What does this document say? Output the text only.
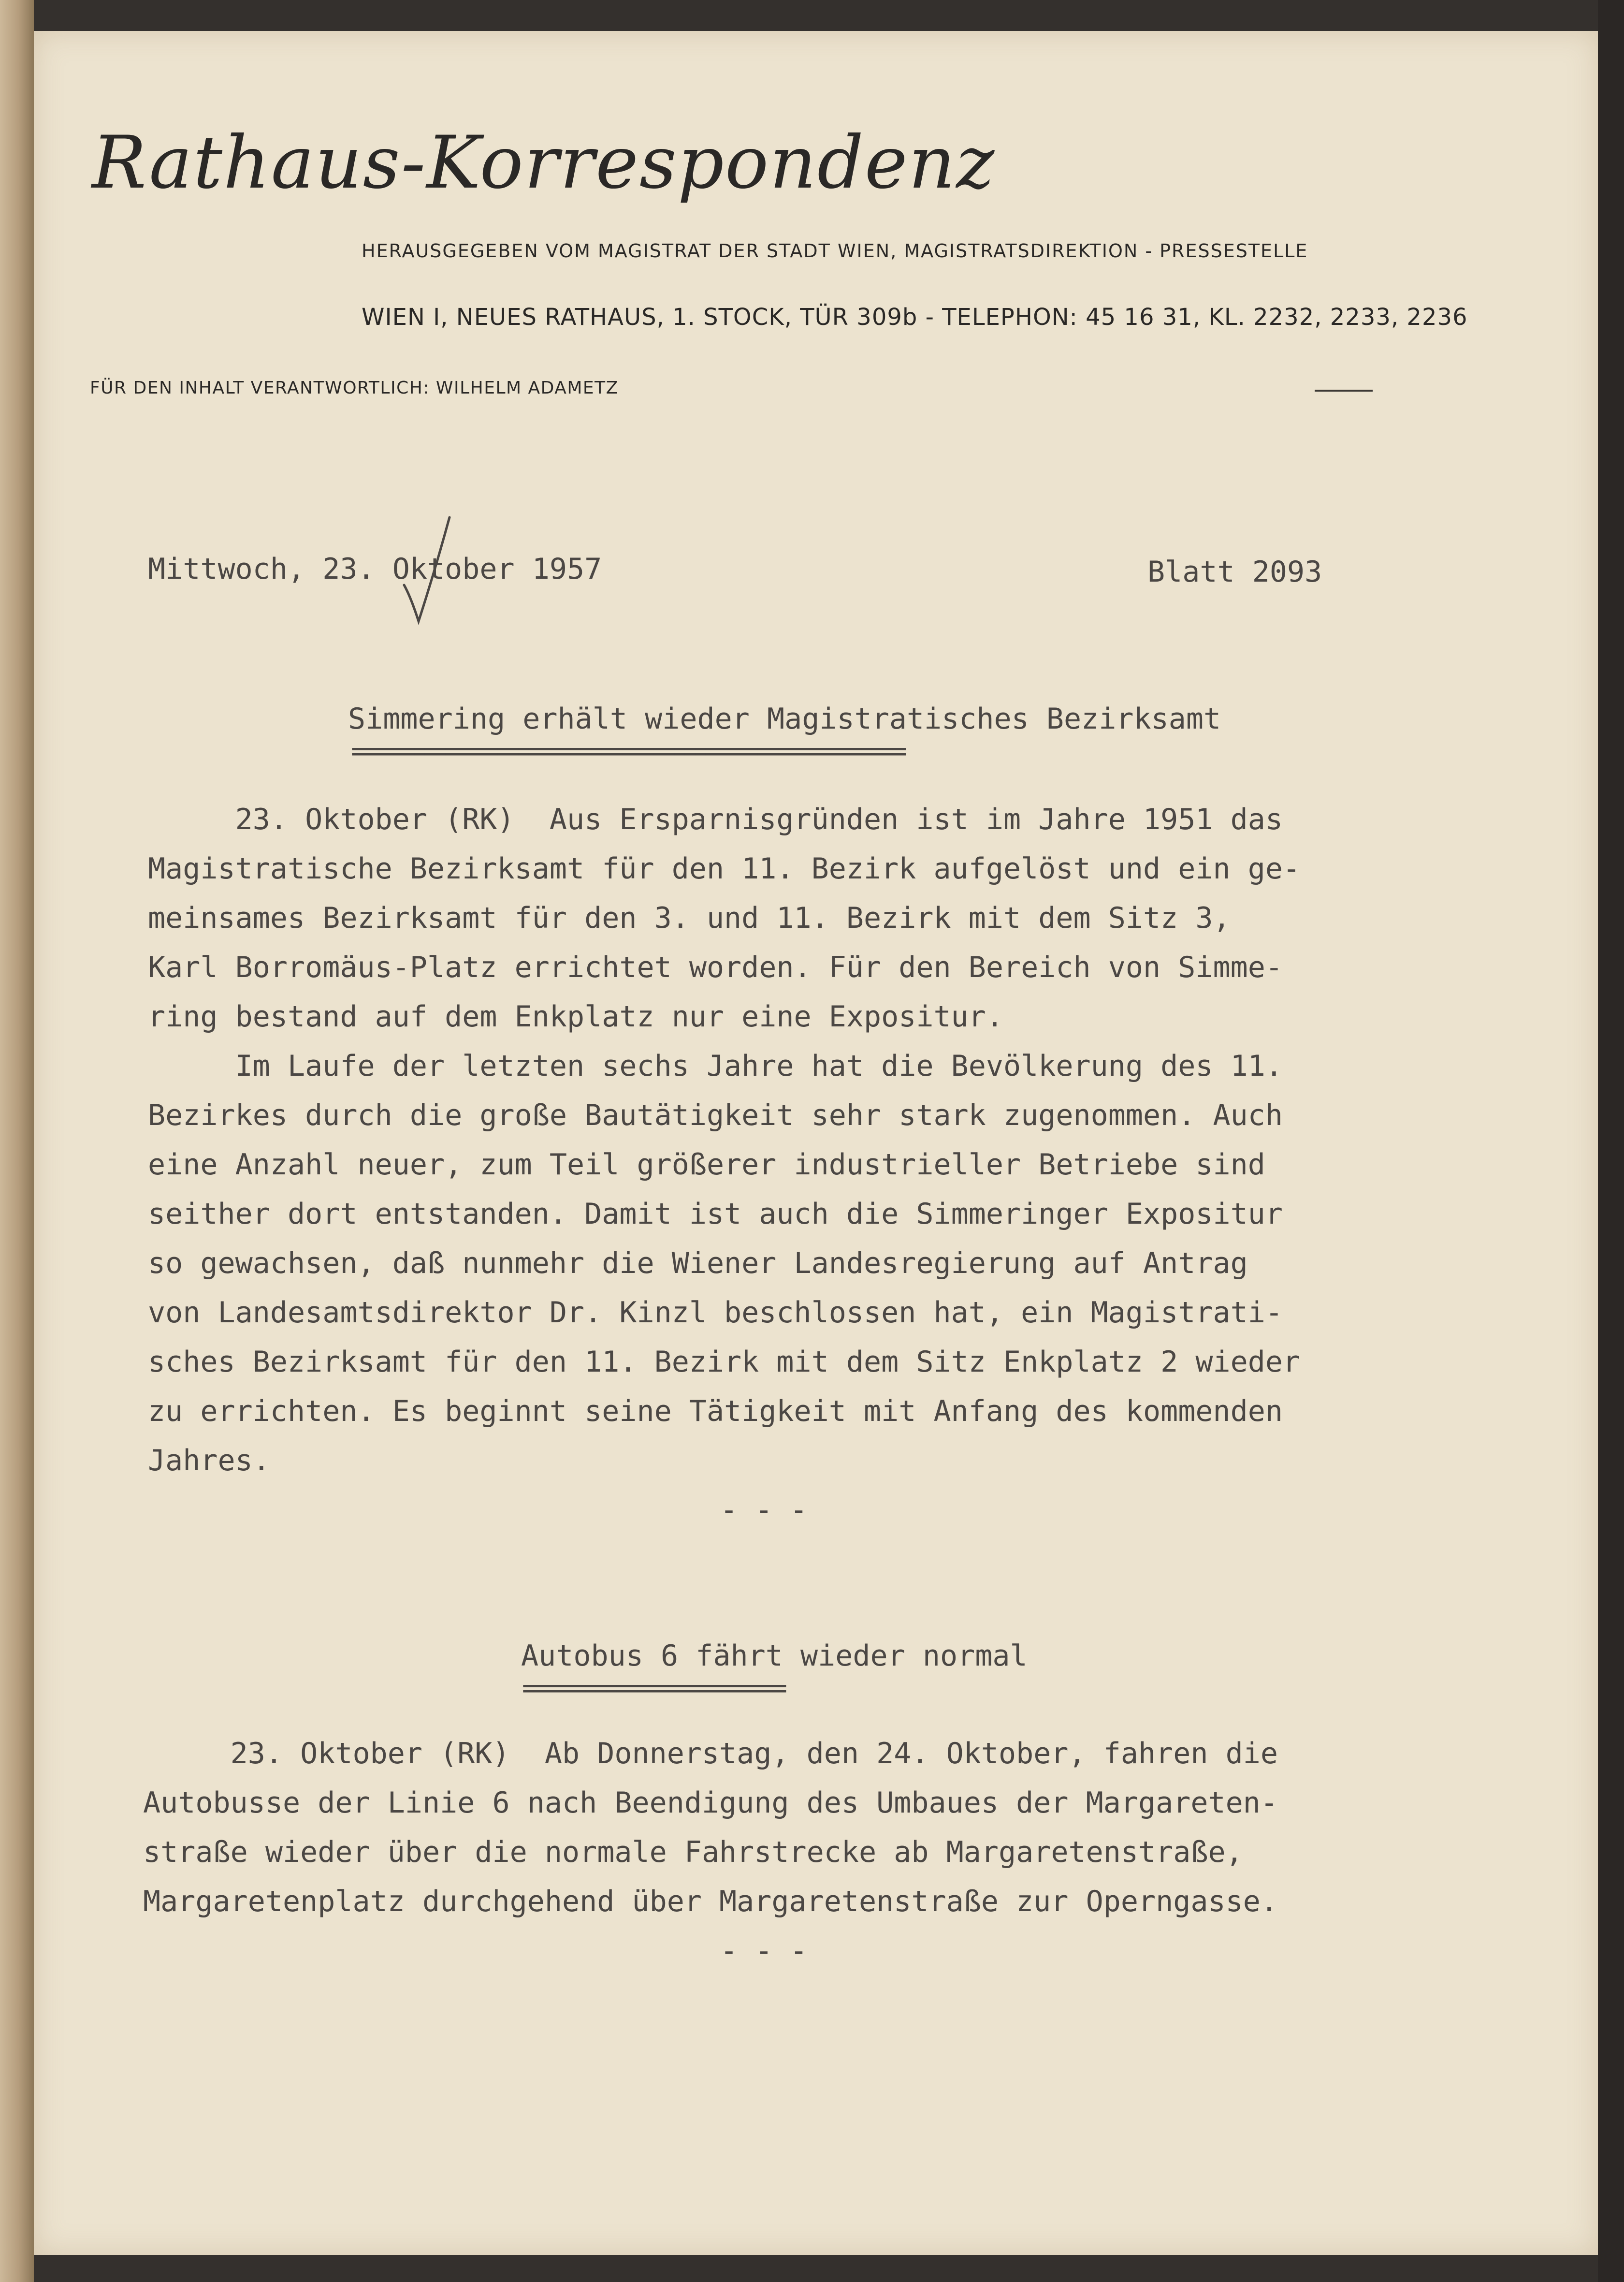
Rathaus-Korrespondenz
HERAUSGEGEBEN VOM MAGISTRAT DER STADT WIEN, MAGISTRATSDIREKTION - PRESSESTELLE
WIEN I, NEUES RATHAUS, 1. STOCK, TÜR 309b - TELEPHON: 45 16 31, KL. 2232, 2233, 2236
FÜR DEN INHALT VERANTWORTLICH: WILHELM ADAMETZ
Mittwoch, 23. Oktober 1957	Blatt 2093
Simmering erhält wieder Magistratisches Bezirksamt
=====================================================
23. Oktober (RK)  Aus Ersparnisgründen ist im Jahre 1951 das
Magistratische Bezirksamt für den 11. Bezirk aufgelöst und ein ge-
meinsames Bezirksamt für den 3. und 11. Bezirk mit dem Sitz 3,
Karl Borromäus-Platz errichtet worden. Für den Bereich von Simme-
ring bestand auf dem Enkplatz nur eine Expositur.
Im Laufe der letzten sechs Jahre hat die Bevölkerung des 11.
Bezirkes durch die große Bautätigkeit sehr stark zugenommen. Auch
eine Anzahl neuer, zum Teil größerer industrieller Betriebe sind
seither dort entstanden. Damit ist auch die Simmeringer Expositur
so gewachsen, daß nunmehr die Wiener Landesregierung auf Antrag
von Landesamtsdirektor Dr. Kinzl beschlossen hat, ein Magistrati-
sches Bezirksamt für den 11. Bezirk mit dem Sitz Enkplatz 2 wieder
zu errichten. Es beginnt seine Tätigkeit mit Anfang des kommenden
Jahres.
- - -
Autobus 6 fährt wieder normal
=========================
23. Oktober (RK)  Ab Donnerstag, den 24. Oktober, fahren die
Autobusse der Linie 6 nach Beendigung des Umbaues der Margareten-
straße wieder über die normale Fahrstrecke ab Margaretenstraße,
Margaretenplatz durchgehend über Margaretenstraße zur Operngasse.
- - -
